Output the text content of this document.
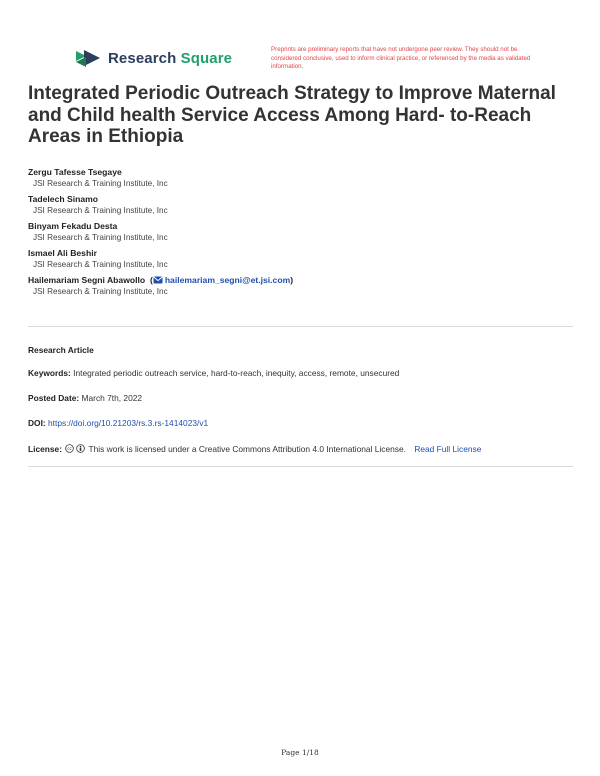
Research Square	Preprints are preliminary reports that have not undergone peer review. They should not be considered conclusive, used to inform clinical practice, or referenced by the media as validated information.
Integrated Periodic Outreach Strategy to Improve Maternal and Child health Service Access Among Hard- to-Reach Areas in Ethiopia
Zergu Tafesse Tsegaye
JSI Research & Training Institute, Inc
Tadelech Sinamo
JSI Research & Training Institute, Inc
Binyam Fekadu Desta
JSI Research & Training Institute, Inc
Ismael Ali Beshir
JSI Research & Training Institute, Inc
Hailemariam Segni Abawollo  ( hailemariam_segni@et.jsi.com)
JSI Research & Training Institute, Inc
Research Article
Keywords: Integrated periodic outreach service, hard-to-reach, inequity, access, remote, unsecured
Posted Date: March 7th, 2022
DOI: https://doi.org/10.21203/rs.3.rs-1414023/v1
License: cc This work is licensed under a Creative Commons Attribution 4.0 International License. Read Full License
Page 1/18
